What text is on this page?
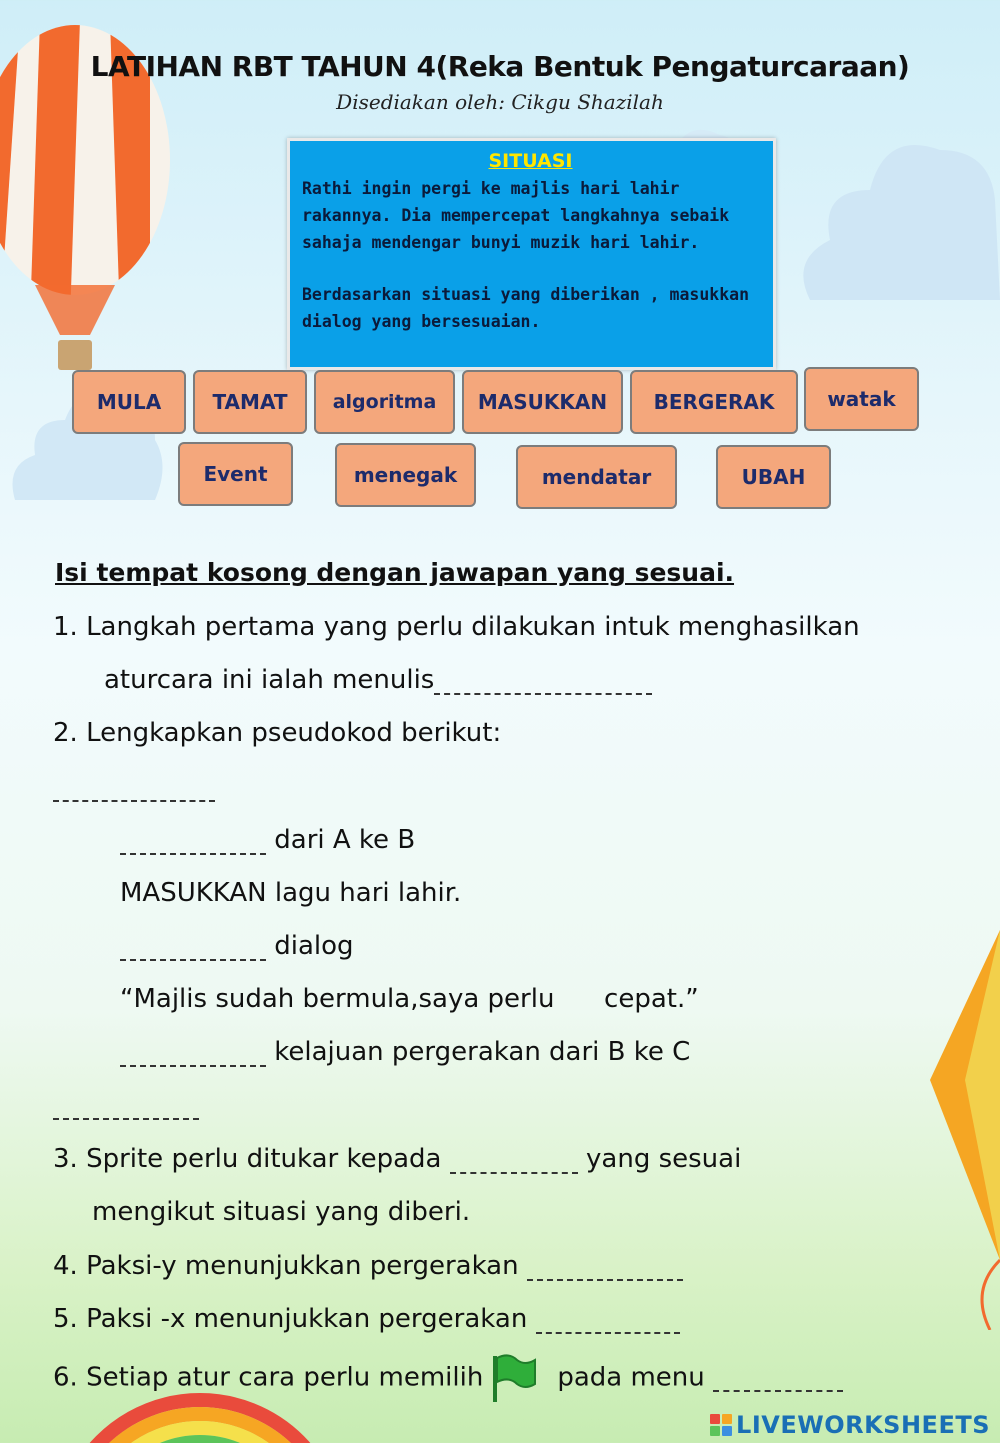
LATIHAN RBT TAHUN 4(Reka Bentuk Pengaturcaraan)
Disediakan oleh: Cikgu Shazilah
SITUASI

Rathi ingin pergi ke majlis hari lahir rakannya. Dia mempercepat langkahnya sebaik sahaja mendengar bunyi muzik hari lahir.

Berdasarkan situasi yang diberikan , masukkan dialog yang bersesuaian.

MULA	TAMAT	algoritma	MASUKKAN	BERGERAK	watak
Event	menegak	mendatar	UBAH
Isi tempat kosong dengan jawapan yang sesuai.
1. Langkah pertama yang perlu dilakukan intuk menghasilkan
aturcara ini ialah menulis
2. Lengkapkan pseudokod berikut:
dari A ke B
MASUKKAN lagu hari lahir.
dialog
“Majlis sudah bermula,saya perlu      cepat.”
kelajuan pergerakan dari B ke C
3. Sprite perlu ditukar kepada	yang sesuai
mengikut situasi yang diberi.
4. Paksi-y menunjukkan pergerakan
5. Paksi -x menunjukkan pergerakan
6. Setiap atur cara perlu memilih	pada menu
LIVEWORKSHEETS
